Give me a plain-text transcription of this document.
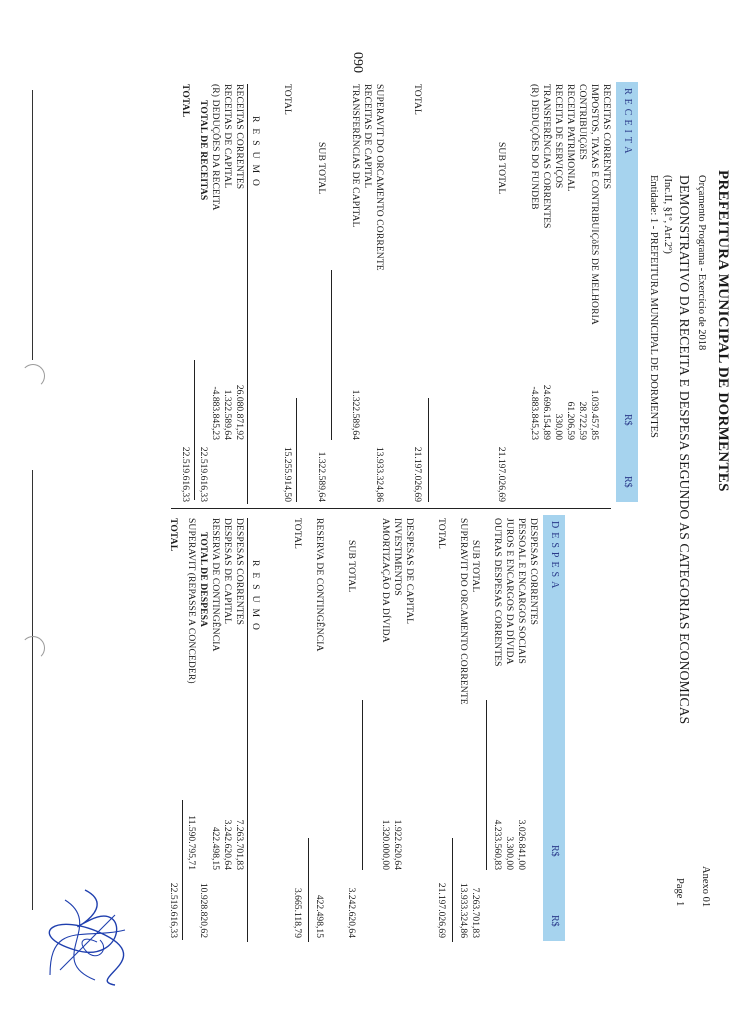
090
PREFEITURA MUNICIPAL DE DORMENTES
Orçamento Programa - Exercício de 2018
DEMONSTRATIVO DA RECEITA E DESPESA SEGUNDO AS CATEGORIAS ECONOMICAS
(Inc.II, §1º, Art.2º)
Entidade: 1 - PREFEITURA MUNICIPAL DE DORMENTES
Anexo 01
Page 1
RECEITA
R$
R$
DESPESA
R$
R$
RECEITAS CORRENTES
IMPOSTOS, TAXAS E CONTRIBUIÇõES DE MELHORIA
1.039.457,85
CONTRIBUIÇõES
28.722,59
RECEITA PATRIMONIAL
61.206,59
RECEITA DE SERVIÇOS
330,00
TRANSFERÊNCIAS CORRENTES
24.696.154,89
(R) DEDUÇÕES DO FUNDEB
-4.883.845,23
SUB TOTAL
21.197.026,69
TOTAL
21.197.026,69
SUPERAVIT DO ORCAMENTO CORRENTE
13.933.324,86
RECEITAS DE CAPITAL
TRANSFERÊNCIAS DE CAPITAL
1.322.589,64
SUB TOTAL
1.322.589,64
TOTAL
15.255.914,50
RESUMO
RECEITAS CORRENTES
26.080.871,92
RECEITAS DE CAPITAL
1.322.589,64
(R) DEDUÇÕES DA RECEITA
-4.883.845,23
TOTAL DE RECEITAS
22.519.616,33
TOTAL
22.519.616,33
DESPESAS CORRENTES
PESSOAL E ENCARGOS SOCIAIS
3.026.841,00
JUROS E ENCARGOS DA DÍVIDA
3.300,00
OUTRAS DESPESAS CORRENTES
4.233.560,83
SUB TOTAL
7.263.701,83
SUPERAVIT DO ORCAMENTO CORRENTE
13.933.324,86
TOTAL
21.197.026,69
DESPESAS DE CAPITAL
INVESTIMENTOS
1.922.620,64
AMORTIZAÇÃO DA DÍVIDA
1.320.000,00
SUB TOTAL
3.242.620,64
RESERVA DE CONTINGÊNCIA
422.498,15
TOTAL
3.665.118,79
RESUMO
DESPESAS CORRENTES
7.263.701,83
DESPESAS DE CAPITAL
3.242.620,64
RESERVA DE CONTINGÊNCIA
422.498,15
TOTAL DE DESPESA
10.928.820,62
SUPERAVIT (REPASSE A CONCEDER)
11.590.795,71
TOTAL
22.519.616,33
